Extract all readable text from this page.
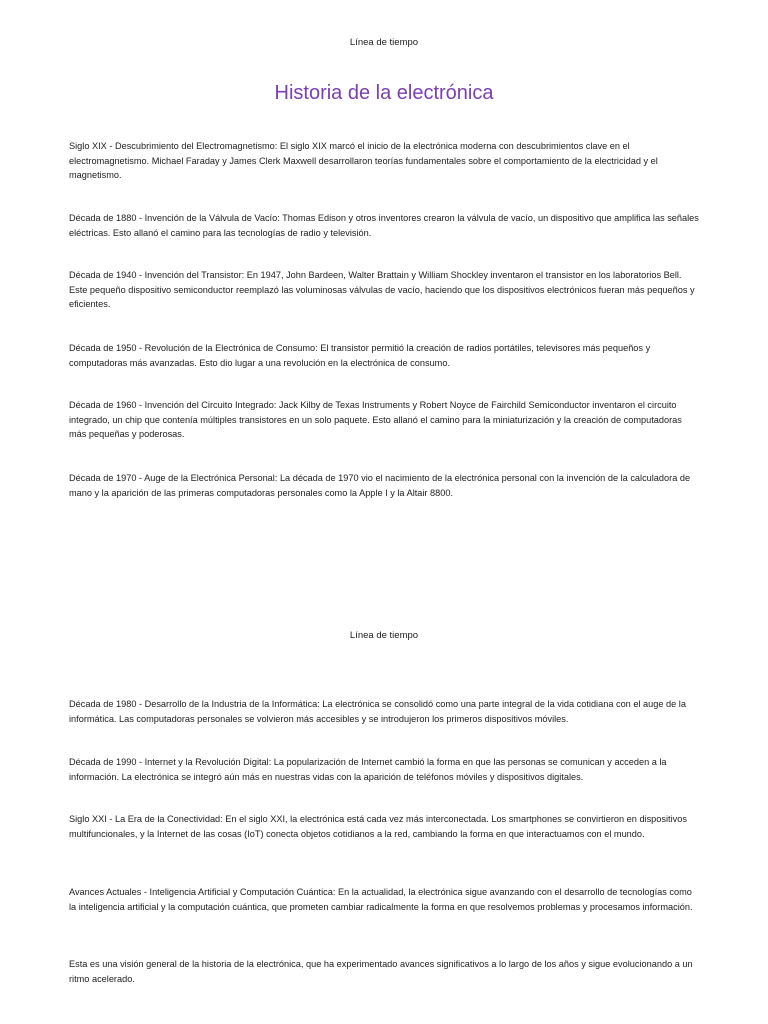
Línea de tiempo
Historia de la electrónica

Siglo XIX - Descubrimiento del Electromagnetismo: El siglo XIX marcó el inicio de la electrónica moderna con descubrimientos clave en el electromagnetismo. Michael Faraday y James Clerk Maxwell desarrollaron teorías fundamentales sobre el comportamiento de la electricidad y el magnetismo.

Década de 1880 - Invención de la Válvula de Vacío: Thomas Edison y otros inventores crearon la válvula de vacío, un dispositivo que amplifica las señales eléctricas. Esto allanó el camino para las tecnologías de radio y televisión.

Década de 1940 - Invención del Transistor: En 1947, John Bardeen, Walter Brattain y William Shockley inventaron el transistor en los laboratorios Bell. Este pequeño dispositivo semiconductor reemplazó las voluminosas válvulas de vacío, haciendo que los dispositivos electrónicos fueran más pequeños y eficientes.

Década de 1950 - Revolución de la Electrónica de Consumo: El transistor permitió la creación de radios portátiles, televisores más pequeños y computadoras más avanzadas. Esto dio lugar a una revolución en la electrónica de consumo.

Década de 1960 - Invención del Circuito Integrado: Jack Kilby de Texas Instruments y Robert Noyce de Fairchild Semiconductor inventaron el circuito integrado, un chip que contenía múltiples transistores en un solo paquete. Esto allanó el camino para la miniaturización y la creación de computadoras más pequeñas y poderosas.

Década de 1970 - Auge de la Electrónica Personal: La década de 1970 vio el nacimiento de la electrónica personal con la invención de la calculadora de mano y la aparición de las primeras computadoras personales como la Apple I y la Altair 8800.

Línea de tiempo

Década de 1980 - Desarrollo de la Industria de la Informática: La electrónica se consolidó como una parte integral de la vida cotidiana con el auge de la informática. Las computadoras personales se volvieron más accesibles y se introdujeron los primeros dispositivos móviles.

Década de 1990 - Internet y la Revolución Digital: La popularización de Internet cambió la forma en que las personas se comunican y acceden a la información. La electrónica se integró aún más en nuestras vidas con la aparición de teléfonos móviles y dispositivos digitales.

Siglo XXI - La Era de la Conectividad: En el siglo XXI, la electrónica está cada vez más interconectada. Los smartphones se convirtieron en dispositivos multifuncionales, y la Internet de las cosas (IoT) conecta objetos cotidianos a la red, cambiando la forma en que interactuamos con el mundo.

Avances Actuales - Inteligencia Artificial y Computación Cuántica: En la actualidad, la electrónica sigue avanzando con el desarrollo de tecnologías como la inteligencia artificial y la computación cuántica, que prometen cambiar radicalmente la forma en que resolvemos problemas y procesamos información.

Esta es una visión general de la historia de la electrónica, que ha experimentado avances significativos a lo largo de los años y sigue evolucionando a un ritmo acelerado.
